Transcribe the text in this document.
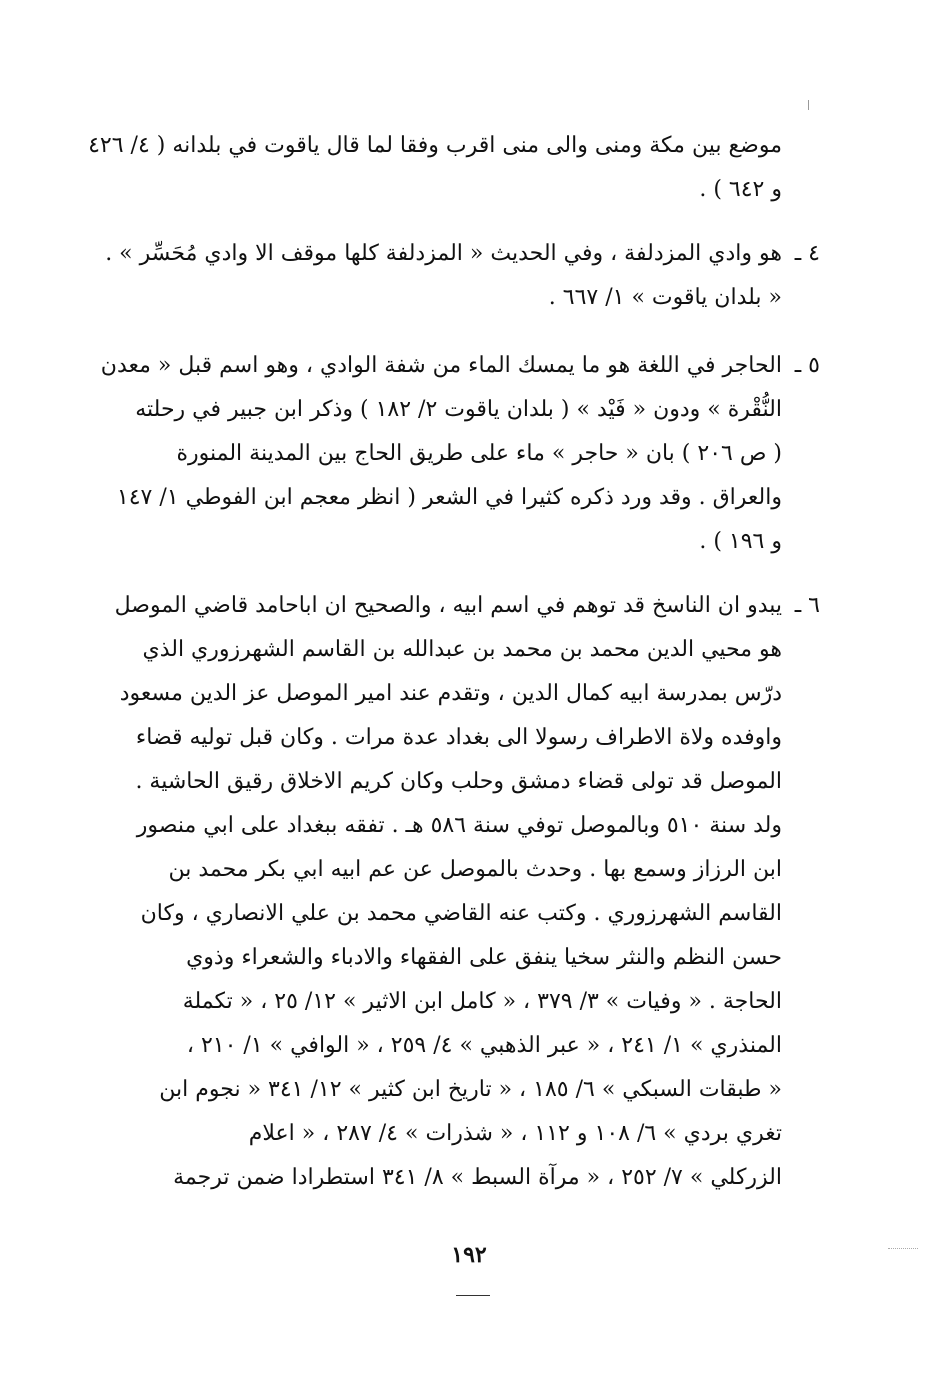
موضع بين مكة ومنى والى منى اقرب وفقا لما قال ياقوت في بلدانه ( ٤/ ٤٢٦
و ٦٤٢ ) .
٤ ـ
هو وادي المزدلفة ، وفي الحديث « المزدلفة كلها موقف الا وادي مُحَسِّر » .
« بلدان ياقوت » ١/ ٦٦٧ .
٥ ـ
الحاجر في اللغة هو ما يمسك الماء من شفة الوادي ، وهو اسم قبل « معدن
النُّقْرة » ودون « فَيْد » ( بلدان ياقوت ٢/ ١٨٢ ) وذكر ابن جبير في رحلته
( ص ٢٠٦ ) بان « حاجر » ماء على طريق الحاج بين المدينة المنورة
والعراق . وقد ورد ذكره كثيرا في الشعر ( انظر معجم ابن الفوطي ١/ ١٤٧
و ١٩٦ ) .
٦ ـ
يبدو ان الناسخ قد توهم في اسم ابيه ، والصحيح ان اباحامد قاضي الموصل
هو محيي الدين محمد بن محمد بن عبدالله بن القاسم الشهرزوري الذي
درّس بمدرسة ابيه كمال الدين ، وتقدم عند امير الموصل عز الدين مسعود
واوفده ولاة الاطراف رسولا الى بغداد عدة مرات . وكان قبل توليه قضاء
الموصل قد تولى قضاء دمشق وحلب وكان كريم الاخلاق رقيق الحاشية .
ولد سنة ٥١٠ وبالموصل توفي سنة ٥٨٦ هـ . تفقه ببغداد على ابي منصور
ابن الرزاز وسمع بها . وحدث بالموصل عن عم ابيه ابي بكر محمد بن
القاسم الشهرزوري . وكتب عنه القاضي محمد بن علي الانصاري ، وكان
حسن النظم والنثر سخيا ينفق على الفقهاء والادباء والشعراء وذوي
الحاجة . « وفيات » ٣/ ٣٧٩ ، « كامل ابن الاثير » ١٢/ ٢٥ ، « تكملة
المنذري » ١/ ٢٤١ ، « عبر الذهبي » ٤/ ٢٥٩ ، « الوافي » ١/ ٢١٠ ،
« طبقات السبكي » ٦/ ١٨٥ ، « تاريخ ابن كثير » ١٢/ ٣٤١ « نجوم ابن
تغري بردي » ٦/ ١٠٨ و ١١٢ ، « شذرات » ٤/ ٢٨٧ ، « اعلام
الزركلي » ٧/ ٢٥٢ ، « مرآة السبط » ٨/ ٣٤١ استطرادا ضمن ترجمة
١٩٢
